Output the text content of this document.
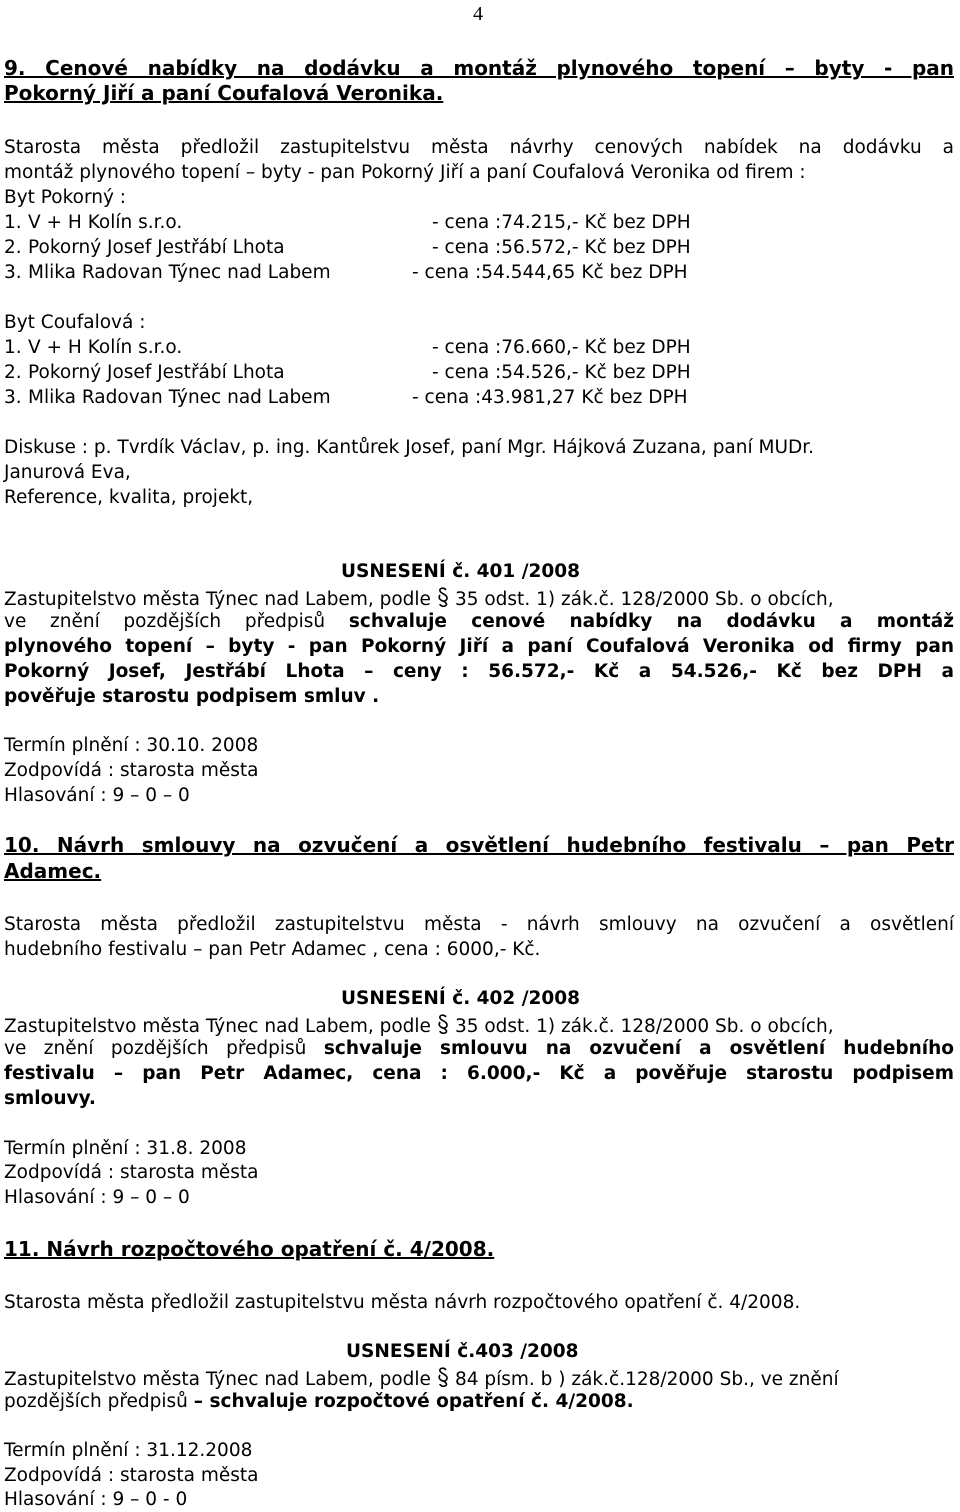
4
9. Cenové nabídky na dodávku a montáž plynového topení – byty - pan
Pokorný Jiří a paní Coufalová Veronika.
Starosta města předložil zastupitelstvu města návrhy cenových nabídek na dodávku a
montáž plynového topení – byty - pan Pokorný Jiří a paní Coufalová Veronika od firem :
Byt Pokorný :
1. V + H Kolín s.r.o.	- cena :74.215,- Kč bez DPH
2. Pokorný Josef Jestřábí Lhota	- cena :56.572,- Kč bez DPH
3. Mlika Radovan Týnec nad Labem	- cena :54.544,65 Kč bez DPH
Byt Coufalová :
1. V + H Kolín s.r.o.	- cena :76.660,- Kč bez DPH
2. Pokorný Josef Jestřábí Lhota	- cena :54.526,- Kč bez DPH
3. Mlika Radovan Týnec nad Labem	- cena :43.981,27 Kč bez DPH
Diskuse : p. Tvrdík Václav, p. ing. Kantůrek Josef, paní Mgr. Hájková Zuzana, paní MUDr.
Janurová Eva,
Reference, kvalita, projekt,
USNESENÍ č. 401 /2008
Zastupitelstvo města Týnec nad Labem, podle 35 odst. 1) zák.č. 128/2000 Sb. o obcích,
ve znění pozdějších předpisů schvaluje cenové nabídky na dodávku a montáž
plynového topení – byty - pan Pokorný Jiří a paní Coufalová Veronika od firmy pan
Pokorný Josef, Jestřábí Lhota – ceny : 56.572,- Kč a 54.526,- Kč bez DPH a
pověřuje starostu podpisem smluv .
Termín plnění : 30.10. 2008
Zodpovídá : starosta města
Hlasování : 9 – 0 – 0
10. Návrh smlouvy na ozvučení a osvětlení hudebního festivalu – pan Petr
Adamec.
Starosta města předložil zastupitelstvu města - návrh smlouvy na ozvučení a osvětlení
hudebního festivalu – pan Petr Adamec , cena : 6000,- Kč.
USNESENÍ č. 402 /2008
Zastupitelstvo města Týnec nad Labem, podle 35 odst. 1) zák.č. 128/2000 Sb. o obcích,
ve znění pozdějších předpisů schvaluje smlouvu na ozvučení a osvětlení hudebního
festivalu – pan Petr Adamec, cena : 6.000,- Kč a pověřuje starostu podpisem
smlouvy.
Termín plnění : 31.8. 2008
Zodpovídá : starosta města
Hlasování : 9 – 0 – 0
11. Návrh rozpočtového opatření č. 4/2008.
Starosta města předložil zastupitelstvu města návrh rozpočtového opatření č. 4/2008.
USNESENÍ č.403 /2008
Zastupitelstvo města Týnec nad Labem, podle 84 písm. b ) zák.č.128/2000 Sb., ve znění
pozdějších předpisů – schvaluje rozpočtové opatření č. 4/2008.
Termín plnění : 31.12.2008
Zodpovídá : starosta města
Hlasování : 9 – 0 - 0
